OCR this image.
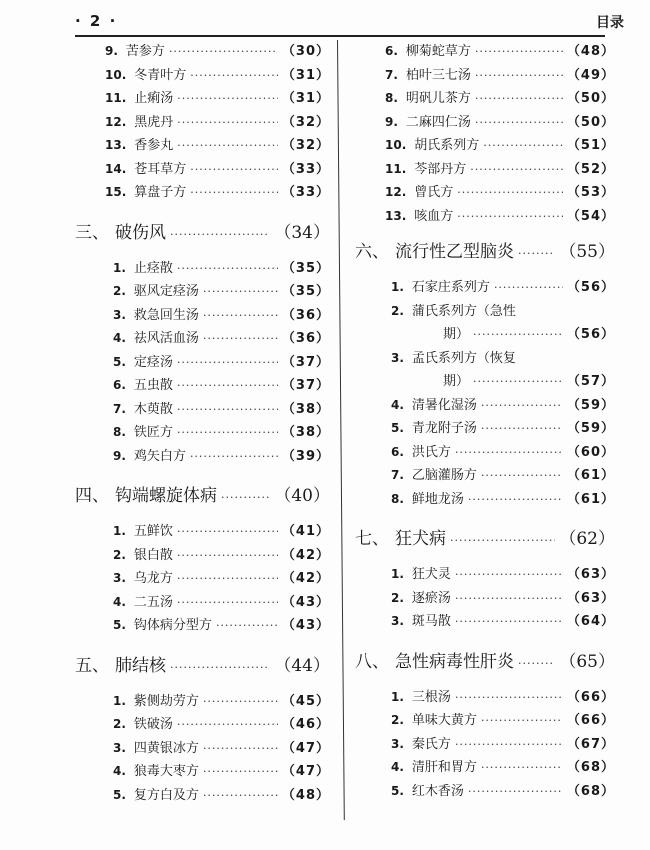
· 2 ·	目录
9. 苦参方 ·····	（30）
10. 冬青叶方 ·····	（31）
11. 止痢汤 ·····	（31）
12. 黑虎丹 ·····	（32）
13. 香参丸 ·····	（32）
14. 苍耳草方 ·····	（33）
15. 算盘子方 ·····	（33）
三、 破伤风 ·····	（34）
1. 止痉散 ·····	（35）
2. 驱风定痉汤 ·····	（35）
3. 救急回生汤 ·····	（36）
4. 祛风活血汤 ·····	（36）
5. 定痉汤 ·····	（37）
6. 五虫散 ·····	（37）
7. 木萸散 ·····	（38）
8. 铁匠方 ·····	（38）
9. 鸡矢白方 ·····	（39）
四、 钩端螺旋体病 ·····	（40）
1. 五鲜饮 ·····	（41）
2. 银白散 ·····	（42）
3. 乌龙方 ·····	（42）
4. 二五汤 ·····	（43）
5. 钩体病分型方 ·····	（43）
五、 肺结核 ·····	（44）
1. 紫侧劫劳方 ·····	（45）
2. 铁破汤 ·····	（46）
3. 四黄银冰方 ·····	（47）
4. 狼毒大枣方 ·····	（47）
5. 复方白及方 ·····	（48）
6. 柳菊蛇草方 ·····	（48）
7. 柏叶三七汤 ·····	（49）
8. 明矾儿茶方 ·····	（50）
9. 二麻四仁汤 ·····	（50）
10. 胡氏系列方 ·····	（51）
11. 芩部丹方 ·····	（52）
12. 曾氏方 ·····	（53）
13. 咳血方 ·····	（54）
六、 流行性乙型脑炎 ·····	（55）
1. 石家庄系列方 ·····	（56）
2. 蒲氏系列方（急性
期） ·····	（56）
3. 孟氏系列方（恢复
期） ·····	（57）
4. 清暑化湿汤 ·····	（59）
5. 青龙附子汤 ·····	（59）
6. 洪氏方 ·····	（60）
7. 乙脑灌肠方 ·····	（61）
8. 鲜地龙汤 ·····	（61）
七、 狂犬病 ·····	（62）
1. 狂犬灵 ·····	（63）
2. 逐瘀汤 ·····	（63）
3. 斑马散 ·····	（64）
八、 急性病毒性肝炎 ·····	（65）
1. 三根汤 ·····	（66）
2. 单味大黄方 ·····	（66）
3. 秦氏方 ·····	（67）
4. 清肝和胃方 ·····	（68）
5. 红木香汤 ·····	（68）
